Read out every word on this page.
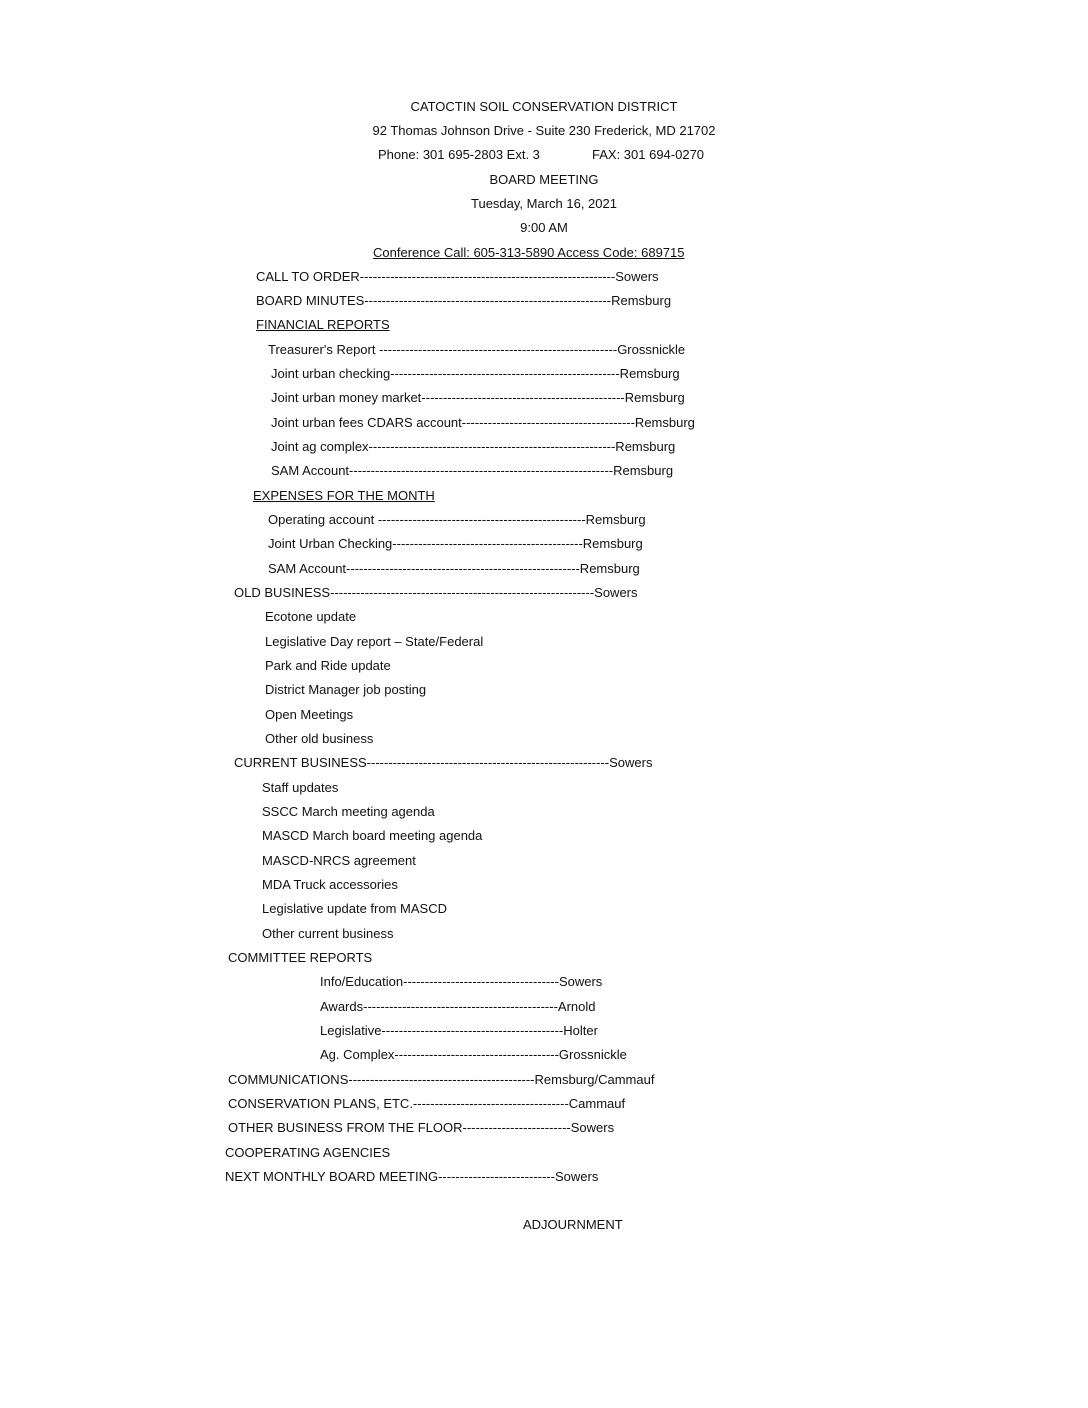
CATOCTIN SOIL CONSERVATION DISTRICT
92 Thomas Johnson Drive - Suite 230 Frederick, MD 21702
Phone: 301 695-2803 Ext. 3	FAX: 301 694-0270
BOARD MEETING
Tuesday, March 16, 2021
9:00 AM
Conference Call: 605-313-5890 Access Code: 689715
CALL TO ORDER-----------------------------------------------------------Sowers
BOARD MINUTES---------------------------------------------------------Remsburg
FINANCIAL REPORTS
Treasurer's Report -------------------------------------------------------Grossnickle
Joint urban checking-----------------------------------------------------Remsburg
Joint urban money market-----------------------------------------------Remsburg
Joint urban fees CDARS account----------------------------------------Remsburg
Joint ag complex---------------------------------------------------------Remsburg
SAM Account-------------------------------------------------------------Remsburg
EXPENSES FOR THE MONTH
Operating account ------------------------------------------------Remsburg
Joint Urban Checking--------------------------------------------Remsburg
SAM Account------------------------------------------------------Remsburg
OLD BUSINESS-------------------------------------------------------------Sowers
Ecotone update
Legislative Day report – State/Federal
Park and Ride update
District Manager job posting
Open Meetings
Other old business
CURRENT BUSINESS--------------------------------------------------------Sowers
Staff updates
SSCC March meeting agenda
MASCD March board meeting agenda
MASCD-NRCS agreement
MDA Truck accessories
Legislative update from MASCD
Other current business
COMMITTEE REPORTS
Info/Education------------------------------------Sowers
Awards---------------------------------------------Arnold
Legislative------------------------------------------Holter
Ag. Complex--------------------------------------Grossnickle
COMMUNICATIONS-------------------------------------------Remsburg/Cammauf
CONSERVATION PLANS, ETC.------------------------------------Cammauf
OTHER BUSINESS FROM THE FLOOR-------------------------Sowers
COOPERATING AGENCIES
NEXT MONTHLY BOARD MEETING---------------------------Sowers
ADJOURNMENT
